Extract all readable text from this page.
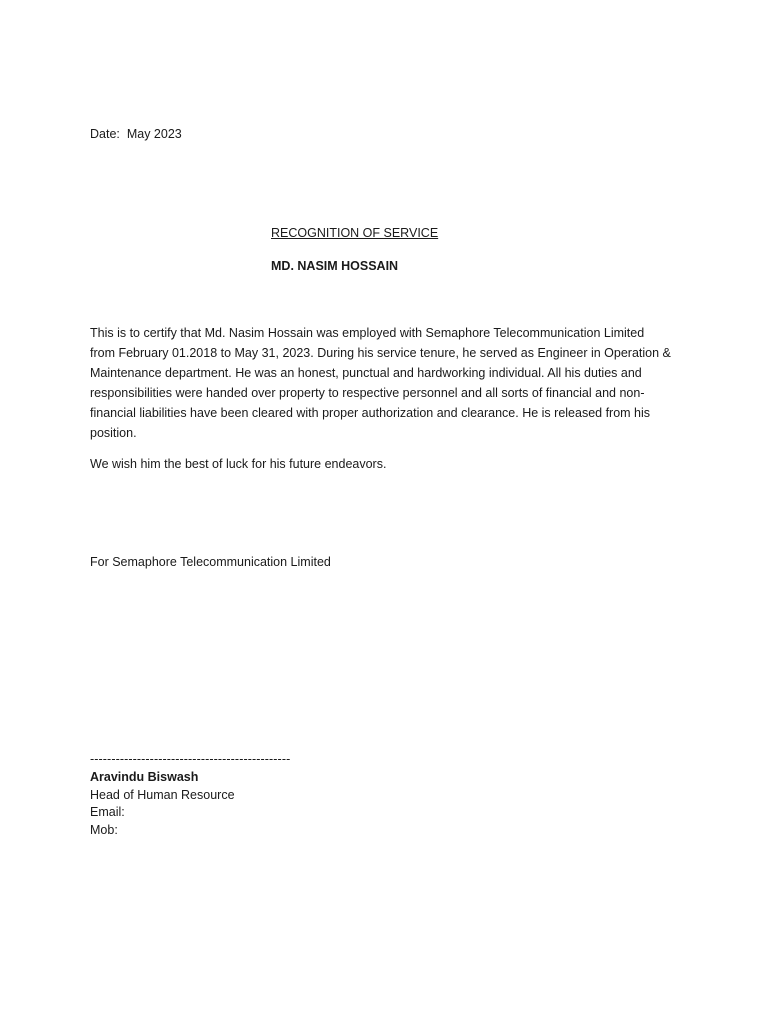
Date: May 2023
RECOGNITION OF SERVICE
MD. NASIM HOSSAIN
This is to certify that Md. Nasim Hossain was employed with Semaphore Telecommunication Limited
from February 01.2018 to May 31, 2023. During his service tenure, he served as Engineer in Operation &
Maintenance department. He was an honest, punctual and hardworking individual. All his duties and
responsibilities were handed over property to respective personnel and all sorts of financial and non-
financial liabilities have been cleared with proper authorization and clearance. He is released from his
position.
We wish him the best of luck for his future endeavors.
For Semaphore Telecommunication Limited
-----------------------------------------------
Aravindu Biswash
Head of Human Resource
Email:
Mob:
